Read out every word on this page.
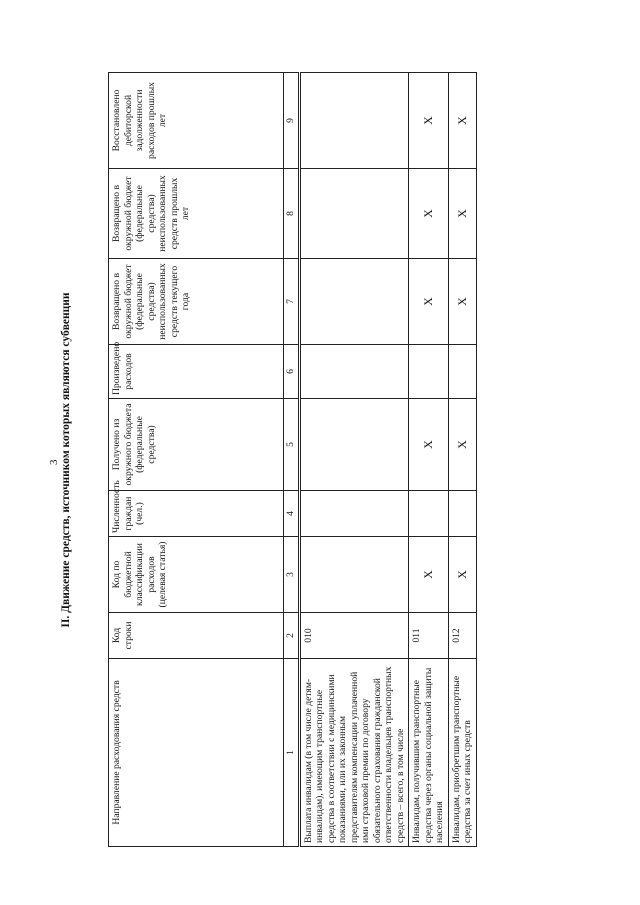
3 II. Движение средств, источником которых являются субвенции
Направление расходования средств	Код строки	Код по бюджетной классификации расходов (целевая статья)	Численность граждан (чел.)	Получено из окружного бюджета (федеральные средства)	Произведено расходов	Возвращено в окружной бюджет (федеральные средства) неиспользованных средств текущего года	Возвращено в окружной бюджет (федеральные средства) неиспользованных средств прошлых лет	Восстановлено дебиторской задолженности расходов прошлых лет
1	2	3	4	5	6	7	8	9
Выплата инвалидам (в том числе детям-инвалидам), имеющим транспортные средства в соответствии с медицинскими показаниями, или их законным представителям компенсации уплаченной ими страховой премии по договору обязательного страхования гражданской ответственности владельцев транспортных средств – всего, в том числе	010							
Инвалидам, получившим транспортные средства через органы социальной защиты населения	011	X		X		X	X	X
Инвалидам, приобретшим транспортные средства за счет иных средств	012	X		X		X	X	X
